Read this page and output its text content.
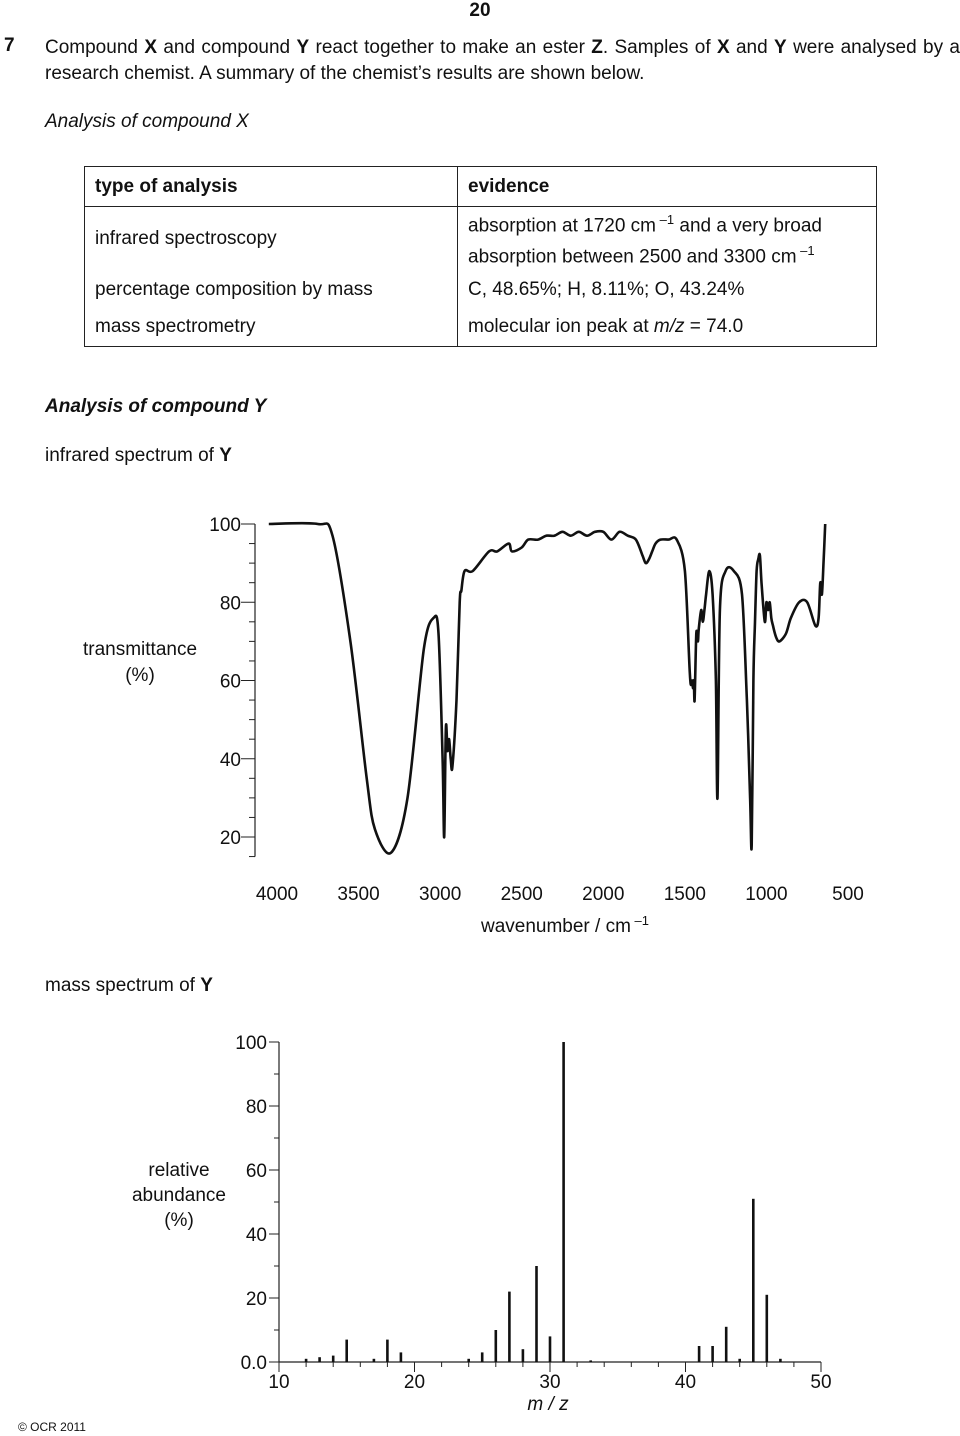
20
7 Compound X and compound Y react together to make an ester Z. Samples of X and Y were analysed by a research chemist. A summary of the chemist’s results are shown below.
Analysis of compound X
type of analysis	evidence
infrared spectroscopy	absorption at 1720 cm $^{-1}$ and a very broad absorption between 2500 and 3300 cm $^{-1}$
percentage composition by mass	C, 48.65%; H, 8.11%; O, 43.24%
mass spectrometry	molecular ion peak at m/z = 74.0
Analysis of compound Y
infrared spectrum of Y
100
80
60
40
20
4000 3500 3000 2500 2000 1500 1000 500
transmittance
(%)
wavenumber / cm $^{-1}$
mass spectrum of Y
0.0
20
40
60
80
100
10	20	30	40	50
relative
abundance
(%)
m / z
© OCR 2011
